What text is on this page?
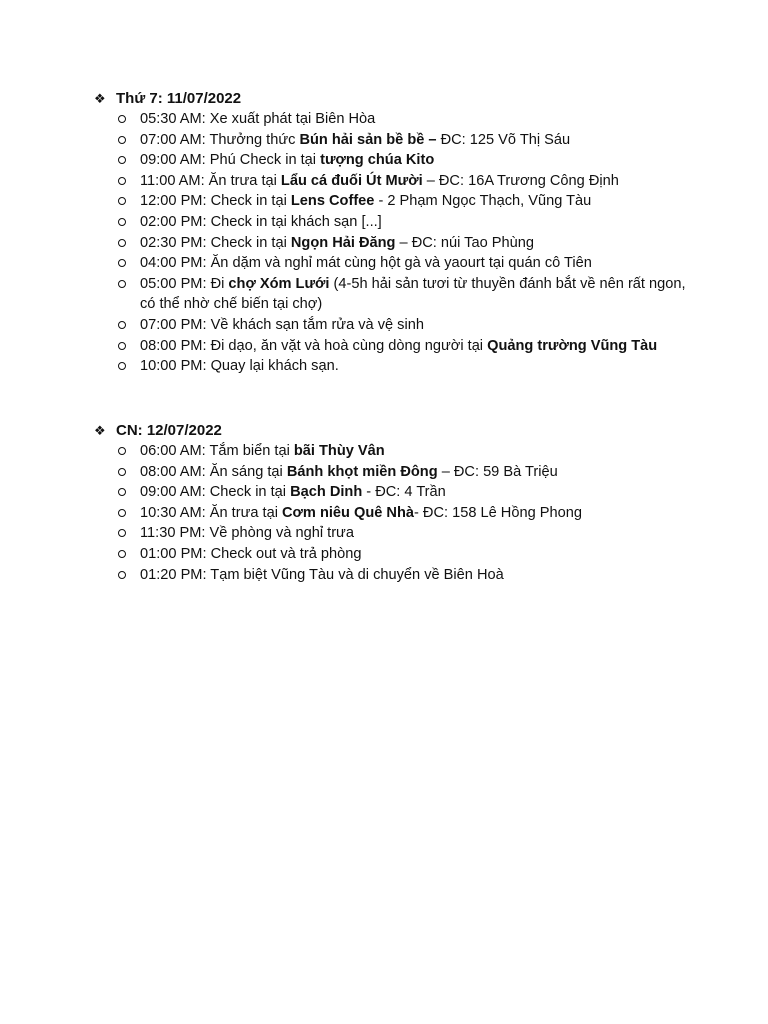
❖ Thứ 7: 11/07/2022
05:30 AM: Xe xuất phát tại Biên Hòa
07:00 AM: Thưởng thức Bún hải sản bề bề – ĐC: 125 Võ Thị Sáu
09:00 AM: Phú Check in tại tượng chúa Kito
11:00 AM: Ăn trưa tại Lẩu cá đuối Út Mười – ĐC: 16A Trương Công Định
12:00 PM: Check in tại Lens Coffee - 2 Phạm Ngọc Thạch, Vũng Tàu
02:00 PM: Check in tại khách sạn [...]
02:30 PM: Check in tại Ngọn Hải Đăng – ĐC: núi Tao Phùng
04:00 PM: Ăn dặm và nghỉ mát cùng hột gà và yaourt tại quán cô Tiên
05:00 PM: Đi chợ Xóm Lưới (4-5h hải sản tươi từ thuyền đánh bắt về nên rất ngon, có thể nhờ chế biến tại chợ)
07:00 PM: Về khách sạn tắm rửa và vệ sinh
08:00 PM: Đi dạo, ăn vặt và hoà cùng dòng người tại Quảng trường Vũng Tàu
10:00 PM: Quay lại khách sạn.
❖ CN: 12/07/2022
06:00 AM: Tắm biển tại bãi Thùy Vân
08:00 AM: Ăn sáng tại Bánh khọt miền Đông – ĐC: 59 Bà Triệu
09:00 AM: Check in tại Bạch Dinh - ĐC: 4 Trần
10:30 AM: Ăn trưa tại Cơm niêu Quê Nhà- ĐC: 158 Lê Hồng Phong
11:30 PM: Về phòng và nghỉ trưa
01:00 PM: Check out và trả phòng
01:20 PM: Tạm biệt Vũng Tàu và di chuyển về Biên Hoà
